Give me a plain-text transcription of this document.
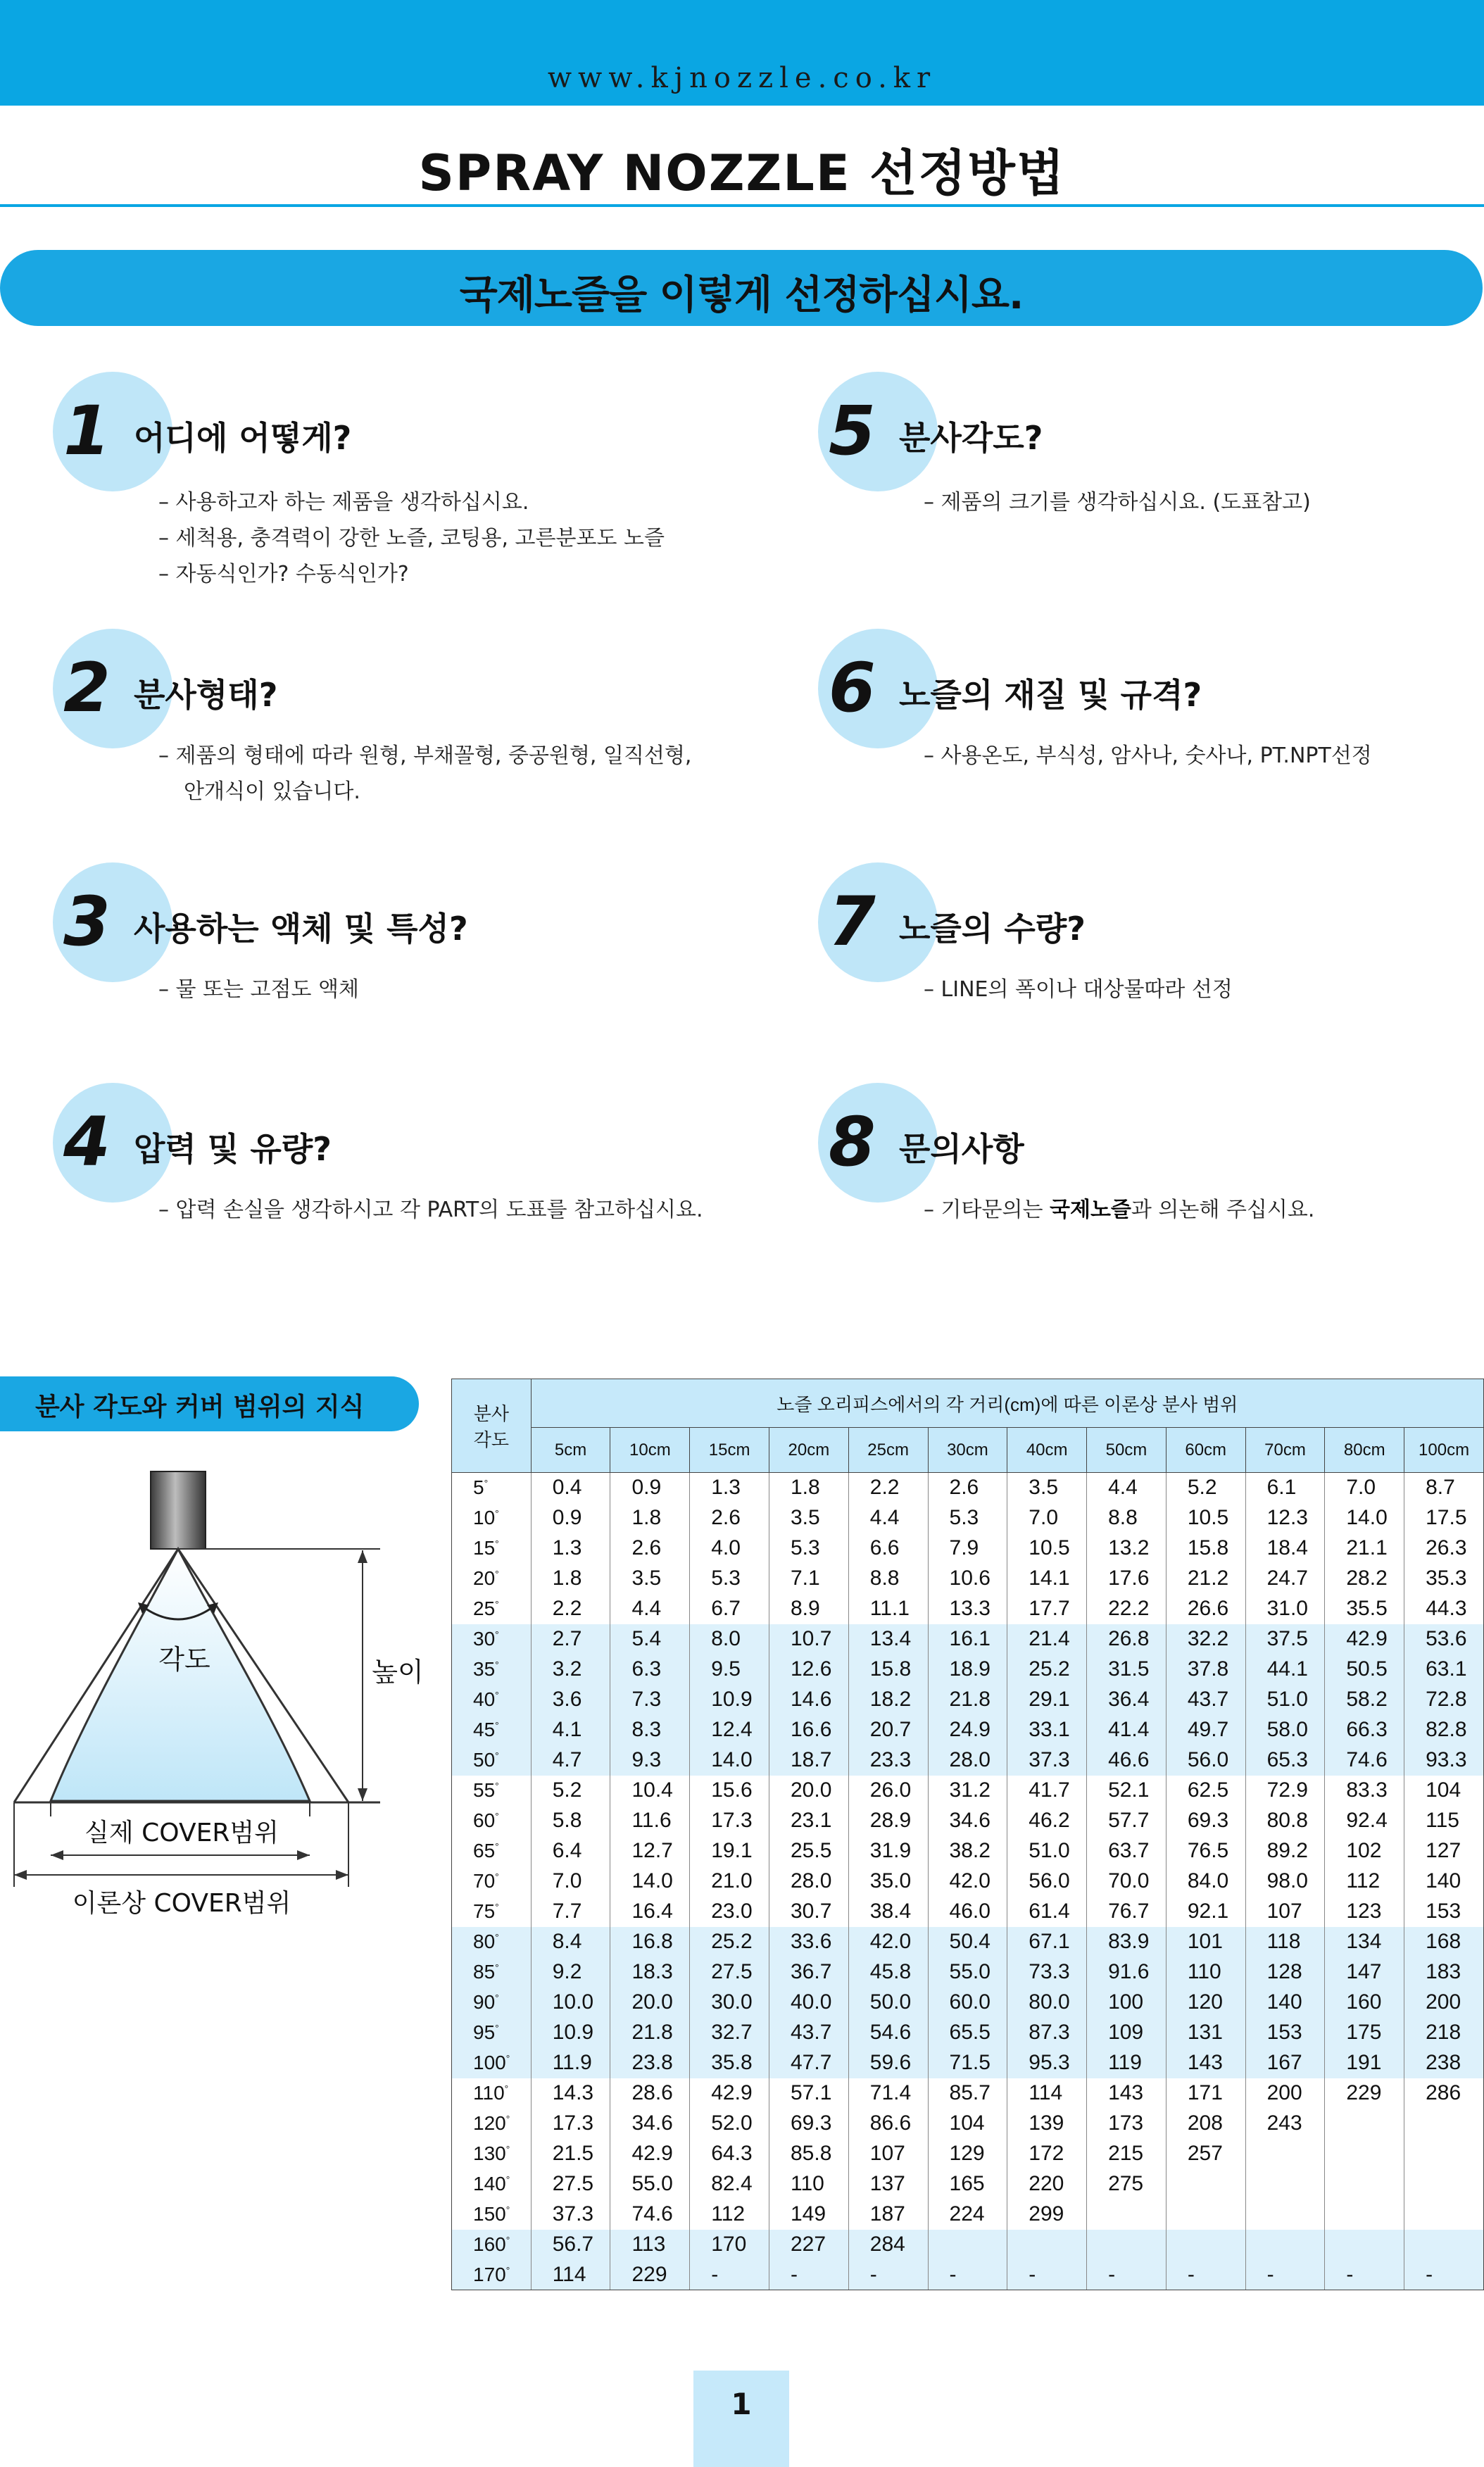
www.kjnozzle.co.kr
SPRAY NOZZLE 선정방법
국제노즐을 이렇게 선정하십시요.
1 어디에 어떻게?
– 사용하고자 하는 제품을 생각하십시요.
– 세척용, 충격력이 강한 노즐, 코팅용, 고른분포도 노즐
– 자동식인가? 수동식인가?
2 분사형태?
– 제품의 형태에 따라 원형, 부채꼴형, 중공원형, 일직선형,
안개식이 있습니다.
3 사용하는 액체 및 특성?
– 물 또는 고점도 액체
4 압력 및 유량?
– 압력 손실을 생각하시고 각 PART의 도표를 참고하십시요.
5 분사각도?
– 제품의 크기를 생각하십시요. (도표참고)
6 노즐의 재질 및 규격?
– 사용온도, 부식성, 암사나, 숫사나, PT.NPT선정
7 노즐의 수량?
– LINE의 폭이나 대상물따라 선정
8 문의사항
– 기타문의는 국제노즐과 의논해 주십시요.
분사 각도와 커버 범위의 지식
각도	높이
실제 COVER범위
이론상 COVER범위
분사
각도	노즐 오리피스에서의 각 거리(cm)에 따른 이론상 분사 범위											
	5cm	10cm	15cm	20cm	25cm	30cm	40cm	50cm	60cm	70cm	80cm	100cm
5°	0.4	0.9	1.3	1.8	2.2	2.6	3.5	4.4	5.2	6.1	7.0	8.7
10°	0.9	1.8	2.6	3.5	4.4	5.3	7.0	8.8	10.5	12.3	14.0	17.5
15°	1.3	2.6	4.0	5.3	6.6	7.9	10.5	13.2	15.8	18.4	21.1	26.3
20°	1.8	3.5	5.3	7.1	8.8	10.6	14.1	17.6	21.2	24.7	28.2	35.3
25°	2.2	4.4	6.7	8.9	11.1	13.3	17.7	22.2	26.6	31.0	35.5	44.3
30°	2.7	5.4	8.0	10.7	13.4	16.1	21.4	26.8	32.2	37.5	42.9	53.6
35°	3.2	6.3	9.5	12.6	15.8	18.9	25.2	31.5	37.8	44.1	50.5	63.1
40°	3.6	7.3	10.9	14.6	18.2	21.8	29.1	36.4	43.7	51.0	58.2	72.8
45°	4.1	8.3	12.4	16.6	20.7	24.9	33.1	41.4	49.7	58.0	66.3	82.8
50°	4.7	9.3	14.0	18.7	23.3	28.0	37.3	46.6	56.0	65.3	74.6	93.3
55°	5.2	10.4	15.6	20.0	26.0	31.2	41.7	52.1	62.5	72.9	83.3	104
60°	5.8	11.6	17.3	23.1	28.9	34.6	46.2	57.7	69.3	80.8	92.4	115
65°	6.4	12.7	19.1	25.5	31.9	38.2	51.0	63.7	76.5	89.2	102	127
70°	7.0	14.0	21.0	28.0	35.0	42.0	56.0	70.0	84.0	98.0	112	140
75°	7.7	16.4	23.0	30.7	38.4	46.0	61.4	76.7	92.1	107	123	153
80°	8.4	16.8	25.2	33.6	42.0	50.4	67.1	83.9	101	118	134	168
85°	9.2	18.3	27.5	36.7	45.8	55.0	73.3	91.6	110	128	147	183
90°	10.0	20.0	30.0	40.0	50.0	60.0	80.0	100	120	140	160	200
95°	10.9	21.8	32.7	43.7	54.6	65.5	87.3	109	131	153	175	218
100°	11.9	23.8	35.8	47.7	59.6	71.5	95.3	119	143	167	191	238
110°	14.3	28.6	42.9	57.1	71.4	85.7	114	143	171	200	229	286
120°	17.3	34.6	52.0	69.3	86.6	104	139	173	208	243		
130°	21.5	42.9	64.3	85.8	107	129	172	215	257			
140°	27.5	55.0	82.4	110	137	165	220	275				
150°	37.3	74.6	112	149	187	224	299					
160°	56.7	113	170	227	284							
170°	114	229	-	-	-	-	-	-	-	-	-	-
1
